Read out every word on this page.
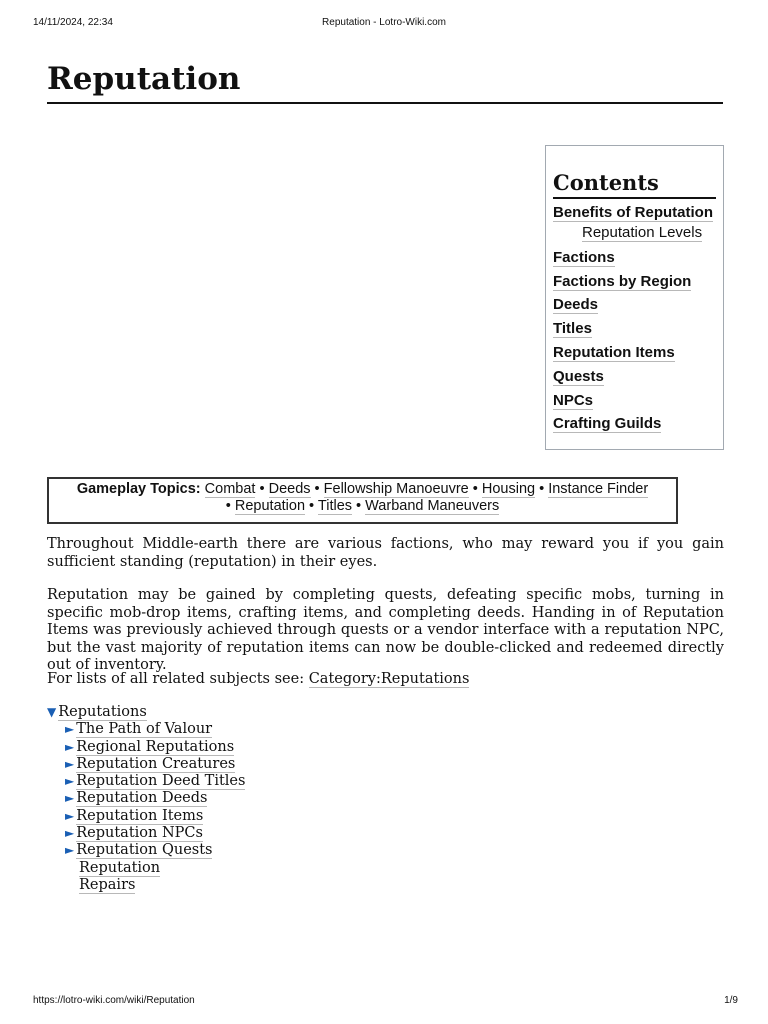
14/11/2024, 22:34	Reputation - Lotro-Wiki.com
Reputation
Contents
Benefits of Reputation
Reputation Levels
Factions
Factions by Region
Deeds
Titles
Reputation Items
Quests
NPCs
Crafting Guilds
Gameplay Topics: Combat • Deeds • Fellowship Manoeuvre • Housing • Instance Finder
• Reputation • Titles • Warband Maneuvers

Throughout Middle-earth there are various factions, who may reward you if you gain sufficient standing (reputation) in their eyes.

Reputation may be gained by completing quests, defeating specific mobs, turning in specific mob-drop items, crafting items, and completing deeds. Handing in of Reputation Items was previously achieved through quests or a vendor interface with a reputation NPC, but the vast majority of reputation items can now be double-clicked and redeemed directly out of inventory.

For lists of all related subjects see: Category:Reputations

▼ Reputations
► The Path of Valour
► Regional Reputations
► Reputation Creatures
► Reputation Deed Titles
► Reputation Deeds
► Reputation Items
► Reputation NPCs
► Reputation Quests
Reputation
Repairs
https://lotro-wiki.com/wiki/Reputation	1/9
